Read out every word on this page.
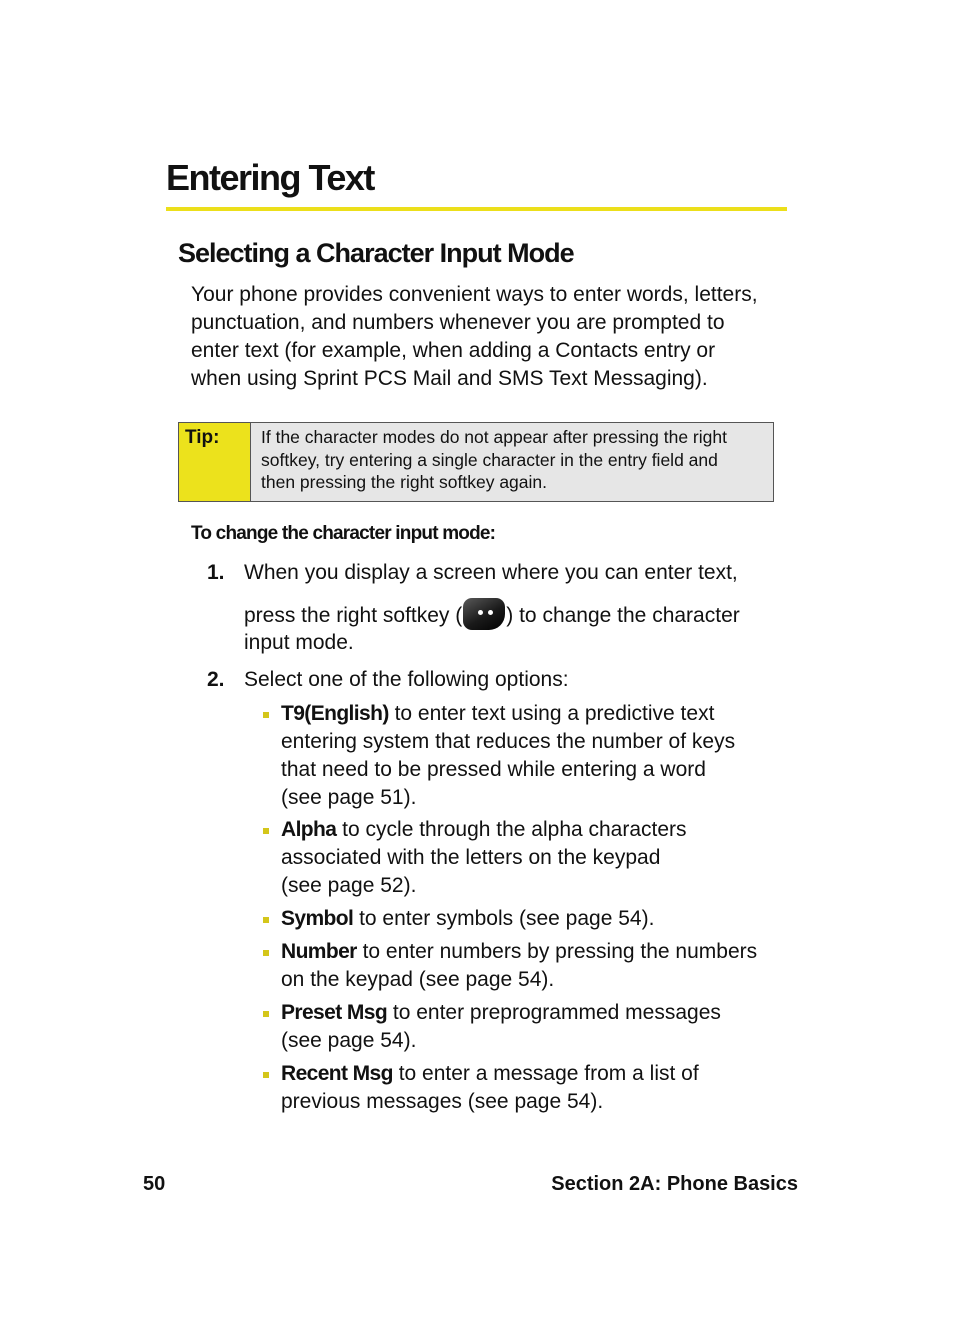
Entering Text
Selecting a Character Input Mode

Your phone provides convenient ways to enter words, letters,
punctuation, and numbers whenever you are prompted to
enter text (for example, when adding a Contacts entry or
when using Sprint PCS Mail and SMS Text Messaging).

Tip:	If the character modes do not appear after pressing the right
softkey, try entering a single character in the entry field and
then pressing the right softkey again.
To change the character input mode:
1. When you display a screen where you can enter text,
press the right softkey ( ) to change the character
input mode.
2. Select one of the following options:
T9(English) to enter text using a predictive text
entering system that reduces the number of keys
that need to be pressed while entering a word
(see page 51).
Alpha to cycle through the alpha characters
associated with the letters on the keypad
(see page 52).
Symbol to enter symbols (see page 54).
Number to enter numbers by pressing the numbers
on the keypad (see page 54).
Preset Msg to enter preprogrammed messages
(see page 54).
Recent Msg to enter a message from a list of
previous messages (see page 54).
50	Section 2A: Phone Basics
